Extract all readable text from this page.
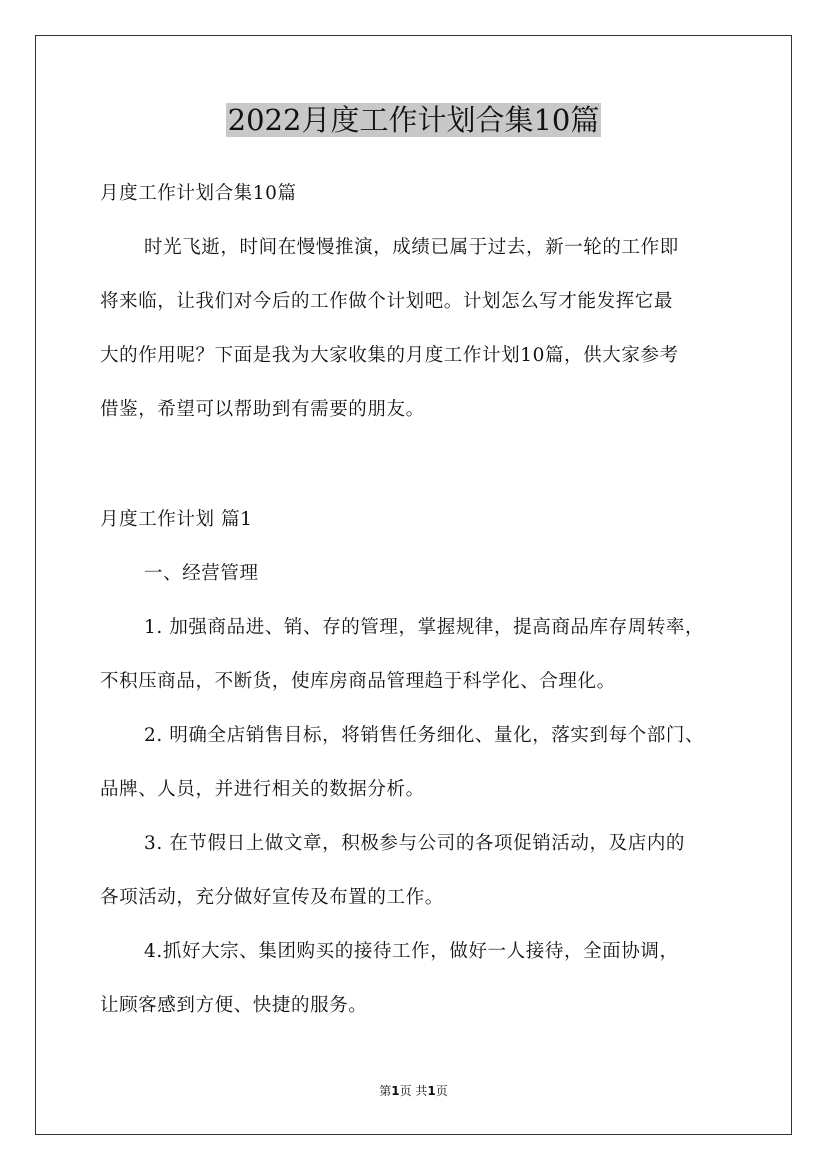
2022月度工作计划合集10篇
月度工作计划合集10篇
时光飞逝，时间在慢慢推演，成绩已属于过去，新一轮的工作即
将来临，让我们对今后的工作做个计划吧。计划怎么写才能发挥它最
大的作用呢？下面是我为大家收集的月度工作计划10篇，供大家参考
借鉴，希望可以帮助到有需要的朋友。
月度工作计划 篇1
一、经营管理
1. 加强商品进、销、存的管理，掌握规律，提高商品库存周转率，
不积压商品，不断货，使库房商品管理趋于科学化、合理化。
2. 明确全店销售目标，将销售任务细化、量化，落实到每个部门、
品牌、人员，并进行相关的数据分析。
3. 在节假日上做文章，积极参与公司的各项促销活动，及店内的
各项活动，充分做好宣传及布置的工作。
4.抓好大宗、集团购买的接待工作，做好一人接待，全面协调，
让顾客感到方便、快捷的服务。
第1页 共1页
